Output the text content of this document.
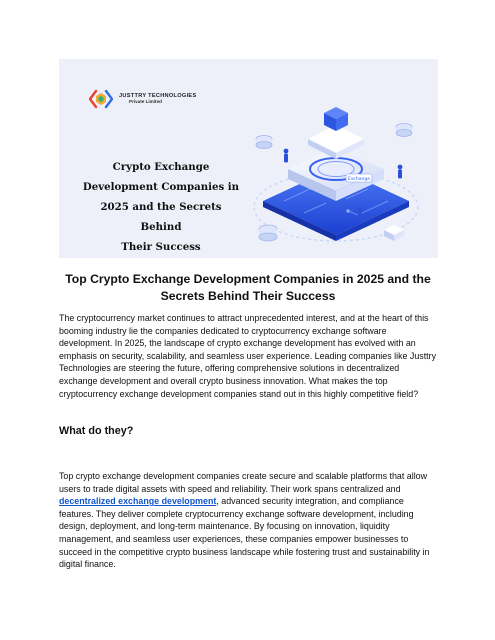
JUSTTRY TECHNOLOGIES
Private Limited
Crypto Exchange
Development Companies in
2025 and the Secrets Behind
Their Success
Exchange
Top Crypto Exchange Development Companies in 2025 and the
Secrets Behind Their Success

The cryptocurrency market continues to attract unprecedented interest, and at the heart of this
booming industry lie the companies dedicated to cryptocurrency exchange software
development. In 2025, the landscape of crypto exchange development has evolved with an
emphasis on security, scalability, and seamless user experience. Leading companies like Justtry
Technologies are steering the future, offering comprehensive solutions in decentralized
exchange development and overall crypto business innovation. What makes the top
cryptocurrency exchange development companies stand out in this highly competitive field?

What do they?

Top crypto exchange development companies create secure and scalable platforms that allow
users to trade digital assets with speed and reliability. Their work spans centralized and
decentralized exchange development, advanced security integration, and compliance
features. They deliver complete cryptocurrency exchange software development, including
design, deployment, and long-term maintenance. By focusing on innovation, liquidity
management, and seamless user experiences, these companies empower businesses to
succeed in the competitive crypto business landscape while fostering trust and sustainability in
digital finance.
